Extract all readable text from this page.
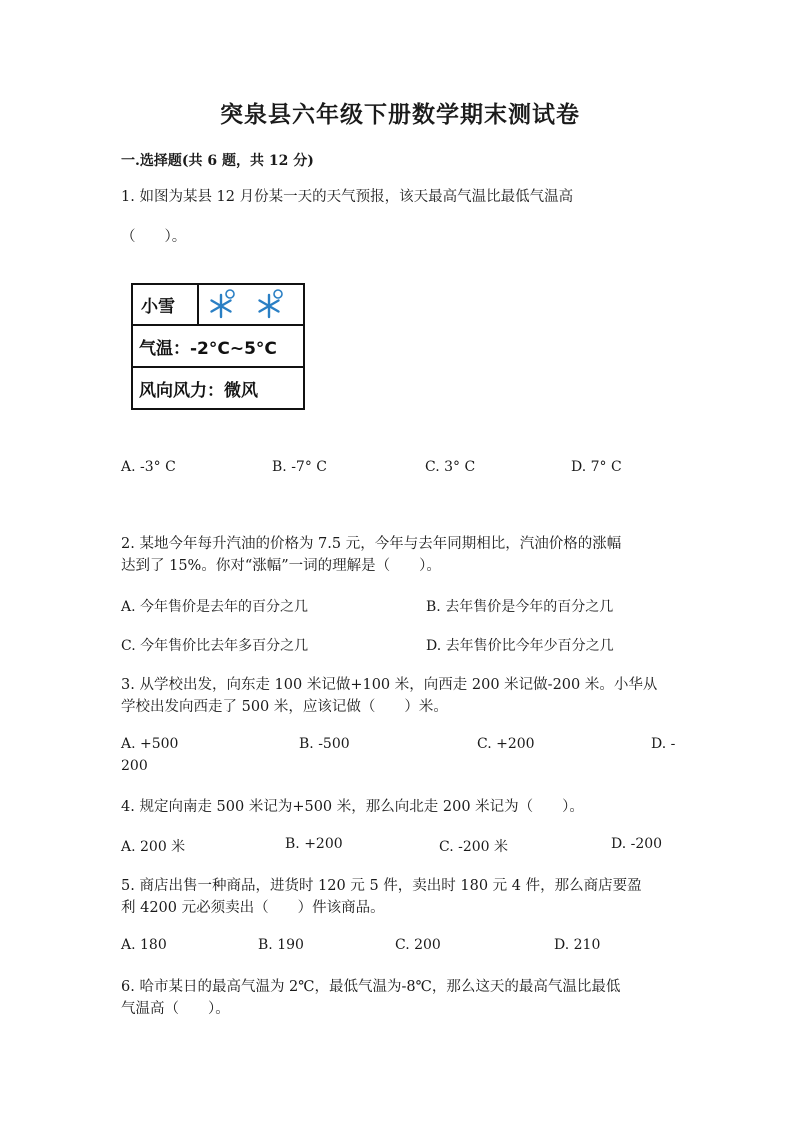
突泉县六年级下册数学期末测试卷
一.选择题(共 6 题，共 12 分)
1. 如图为某县 12 月份某一天的天气预报，该天最高气温比最低气温高
（　　）。
小雪
气温：-2°C~5°C
风向风力：微风
A. -3° C	B. -7° C	C. 3° C	D. 7° C
2. 某地今年每升汽油的价格为 7.5 元，今年与去年同期相比，汽油价格的涨幅
达到了 15%。你对“涨幅”一词的理解是（　　）。
A. 今年售价是去年的百分之几	B. 去年售价是今年的百分之几
C. 今年售价比去年多百分之几	D. 去年售价比今年少百分之几
3. 从学校出发，向东走 100 米记做+100 米，向西走 200 米记做-200 米。小华从
学校出发向西走了 500 米，应该记做（　　）米。
A. +500	B. -500	C. +200	D. -
200
4. 规定向南走 500 米记为+500 米，那么向北走 200 米记为（　　）。
A. 200 米	B. +200	C. -200 米	D. -200
5. 商店出售一种商品，进货时 120 元 5 件，卖出时 180 元 4 件，那么商店要盈
利 4200 元必须卖出（　　）件该商品。
A. 180	B. 190	C. 200	D. 210
6. 哈市某日的最高气温为 2℃，最低气温为-8℃，那么这天的最高气温比最低
气温高（　　）。
